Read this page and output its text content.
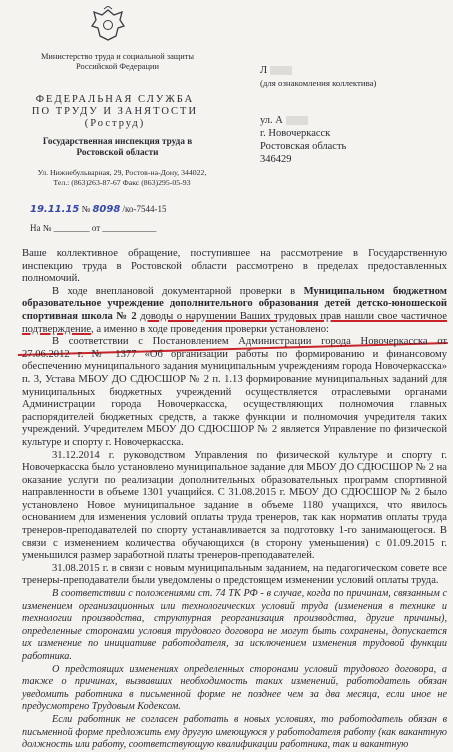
Министерство труда и социальной защиты Российской Федерации
ФЕДЕРАЛЬНАЯ СЛУЖБА
ПО ТРУДУ И ЗАНЯТОСТИ
(Роструд)
Государственная инспекция труда в Ростовской области
Ул. Нижнебульварная, 29, Ростов-на-Дону, 344022,
Тел.: (863)263-87-67 Факс (863)295-05-93
19.11.15 № 8098 /ко-7544-15
На № ________ от ____________
Л
(для ознакомления коллектива)
ул. А
г. Новочеркасск
Ростовская область
346429

Ваше коллективное обращение, поступившее на рассмотрение в Государственную инспекцию труда в Ростовской области рассмотрено в пределах предоставленных полномочий.

В ходе внеплановой документарной проверки в Муниципальном бюджетном образовательное учреждение дополнительного образования детей детско-юношеской спортивная школа № 2 доводы о нарушении Ваших трудовых прав нашли свое частичное подтверждение, а именно в ходе проведения проверки установлено:

В соответствии с Постановлением Администрации города Новочеркасска от 27.06.2012 г. № 1377 «Об организации работы по формированию и финансовому обеспечению муниципального задания муниципальным учреждениям города Новочеркасска» п. 3, Устава МБОУ ДО СДЮСШОР № 2 п. 1.13 формирование муниципальных заданий для муниципальных бюджетных учреждений осуществляется отраслевыми органами Администрации города Новочеркасска, осуществляющих полномочия главных распорядителей бюджетных средств, а также функции и полномочия учредителя таких учреждений. Учредителем МБОУ ДО СДЮСШОР № 2 является Управление по физической культуре и спорту г. Новочеркасска.

31.12.2014 г. руководством Управления по физической культуре и спорту г. Новочеркасска было установлено муниципальное задание для МБОУ ДО СДЮСШОР № 2 на оказание услуги по реализации дополнительных образовательных программ спортивной направленности в объеме 1301 учащийся. С 31.08.2015 г. МБОУ ДО СДЮСШОР № 2 было установлено Новое муниципальное задание в объеме 1180 учащихся, что явилось основанием для изменения условий оплаты труда тренеров, так как норматив оплаты труда тренеров-преподавателей по спорту устанавливается за подготовку 1-го занимающегося. В связи с изменением количества обучающихся (в сторону уменьшения) с 01.09.2015 г. уменьшился размер заработной платы тренеров-преподавателей.

31.08.2015 г. в связи с новым муниципальным заданием, на педагогическом совете все тренеры-преподаватели были уведомлены о предстоящем изменении условий оплаты труда.

В соответствии с положениями ст. 74 ТК РФ - в случае, когда по причинам, связанным с изменением организационных или технологических условий труда (изменения в технике и технологии производства, структурная реорганизация производства, другие причины), определенные сторонами условия трудового договора не могут быть сохранены, допускается их изменение по инициативе работодателя, за исключением изменения трудовой функции работника.

О предстоящих изменениях определенных сторонами условий трудового договора, а также о причинах, вызвавших необходимость таких изменений, работодатель обязан уведомить работника в письменной форме не позднее чем за два месяца, если иное не предусмотрено Трудовым Кодексом.

Если работник не согласен работать в новых условиях, то работодатель обязан в письменной форме предложить ему другую имеющуюся у работодателя работу (как вакантную должность или работу, соответствующую квалификации работника, так и вакантную
